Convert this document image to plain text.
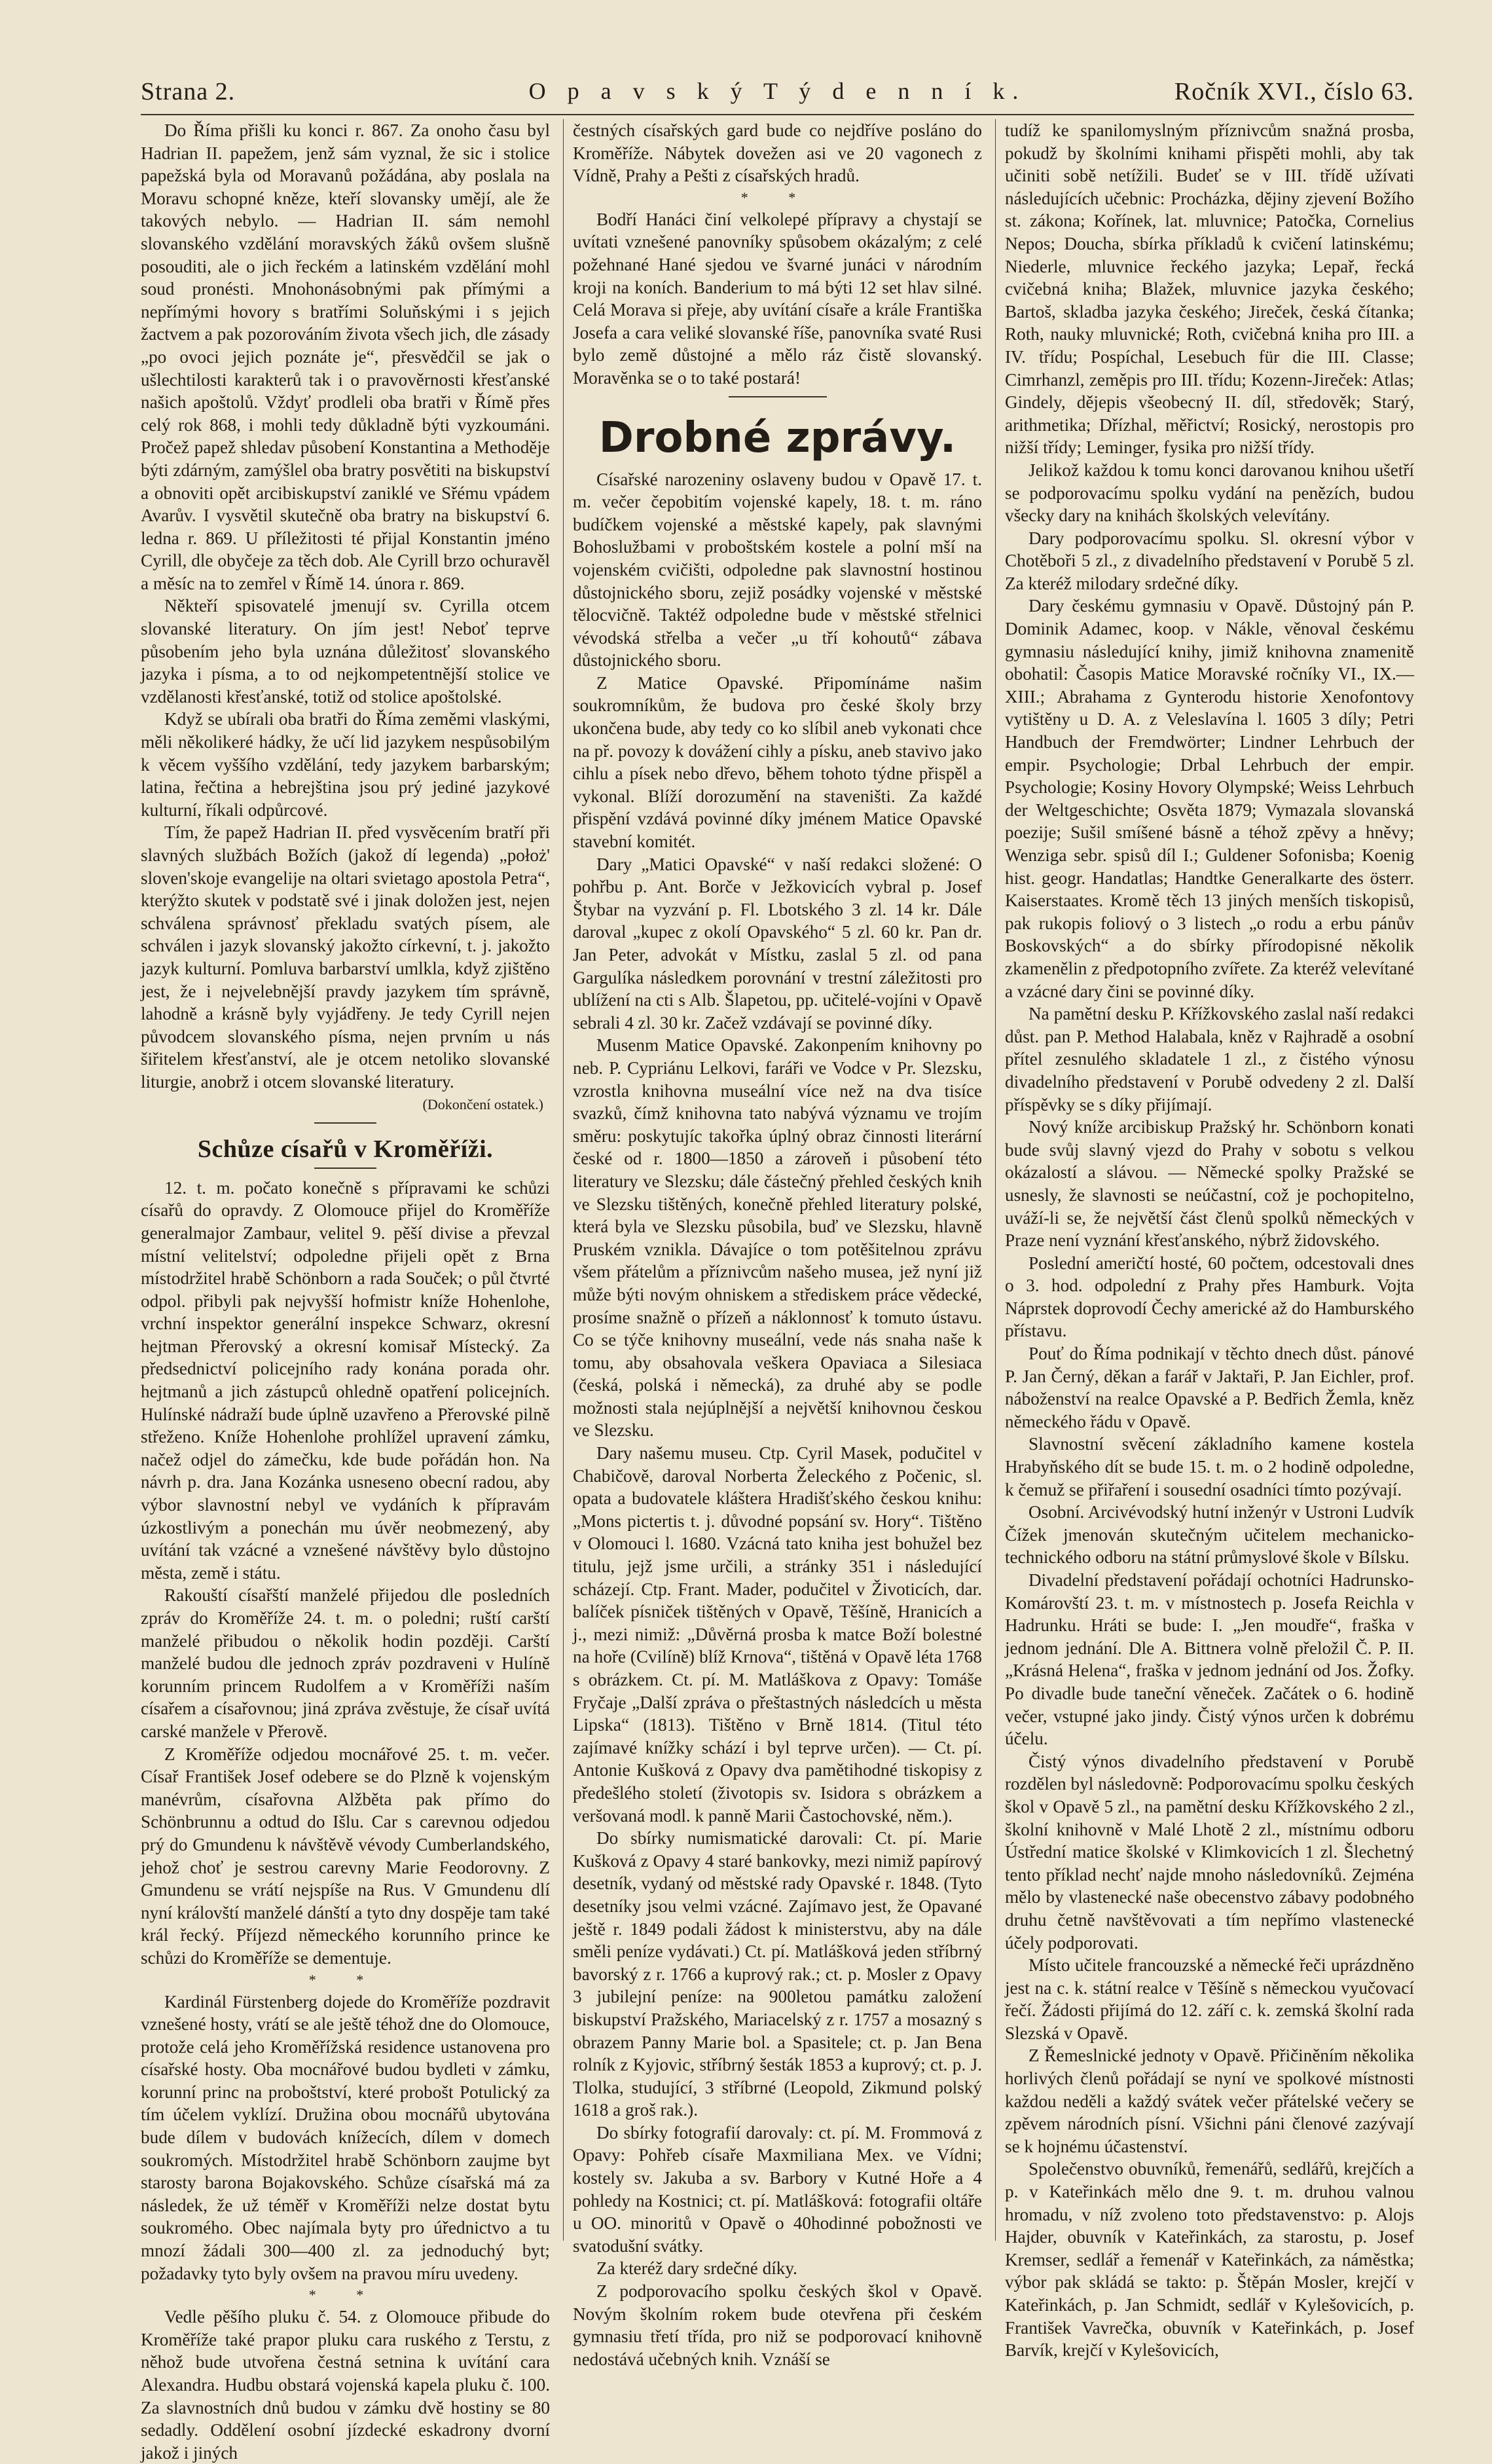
Strana 2.	O p a v s k ý T ý d e n n í k.	Ročník XVI., číslo 63.

Do Říma přišli ku konci r. 867. Za onoho času byl Hadrian II. papežem, jenž sám vyznal, že sic i stolice papežská byla od Moravanů požádána, aby poslala na Moravu schopné kněze, kteří slovansky umějí, ale že takových nebylo. — Hadrian II. sám nemohl slovanského vzdělání moravských žáků ovšem slušně posouditi, ale o jich řeckém a latinském vzdělání mohl soud pronésti. Mnohonásobnými pak přímými a nepřímými hovory s bratřími Soluňskými i s jejich žactvem a pak pozorováním života všech jich, dle zásady „po ovoci jejich poznáte je“, přesvědčil se jak o ušlechtilosti karakterů tak i o pravověrnosti křesťanské našich apoštolů. Vždyť prodleli oba bratři v Římě přes celý rok 868, i mohli tedy důkladně býti vyzkoumáni. Pročež papež shledav působení Konstantina a Methoděje býti zdárným, zamýšlel oba bratry posvětiti na biskupství a obnoviti opět arcibiskupství zaniklé ve Sřému vpádem Avarův. I vysvětil skutečně oba bratry na biskupství 6. ledna r. 869. U příležitosti té přijal Konstantin jméno Cyrill, dle obyčeje za těch dob. Ale Cyrill brzo ochuravěl a měsíc na to zemřel v Římě 14. února r. 869.

Někteří spisovatelé jmenují sv. Cyrilla otcem slovanské literatury. On jím jest! Neboť teprve působením jeho byla uznána důležitosť slovanského jazyka i písma, a to od nejkompetentnější stolice ve vzdělanosti křesťanské, totiž od stolice apoštolské.

Když se ubírali oba bratři do Říma zeměmi vlaskými, měli několikeré hádky, že učí lid jazykem nespůsobilým k věcem vyššího vzdělání, tedy jazykem barbarským; latina, řečtina a hebrejština jsou prý jediné jazykové kulturní, říkali odpůrcové.

Tím, že papež Hadrian II. před vysvěcením bratří při slavných službách Božích (jakož dí legenda) „położ' sloven'skoje evangelije na oltari svietago apostola Petra“, kterýžto skutek v podstatě své i jinak doložen jest, nejen schválena správnosť překladu svatých písem, ale schválen i jazyk slovanský jakožto církevní, t. j. jakožto jazyk kulturní. Pomluva barbarství umlkla, když zjištěno jest, že i nejvelebnější pravdy jazykem tím správně, lahodně a krásně byly vyjádřeny. Je tedy Cyrill nejen původcem slovanského písma, nejen prvním u nás šiřitelem křesťanství, ale je otcem netoliko slovanské liturgie, anobrž i otcem slovanské literatury.

(Dokončení ostatek.)
Schůze císařů v Kroměříži.

12. t. m. počato konečně s přípravami ke schůzi císařů do opravdy. Z Olomouce přijel do Kroměříže generalmajor Zambaur, velitel 9. pěší divise a převzal místní velitelství; odpoledne přijeli opět z Brna místodržitel hrabě Schönborn a rada Souček; o půl čtvrté odpol. přibyli pak nejvyšší hofmistr kníže Hohenlohe, vrchní inspektor generální inspekce Schwarz, okresní hejtman Přerovský a okresní komisař Místecký. Za předsednictví policejního rady konána porada ohr. hejtmanů a jich zástupců ohledně opatření policejních. Hulínské nádraží bude úplně uzavřeno a Přerovské pilně střeženo. Kníže Hohenlohe prohlížel upravení zámku, načež odjel do zámečku, kde bude pořádán hon. Na návrh p. dra. Jana Kozánka usneseno obecní radou, aby výbor slavnostní nebyl ve vydáních k přípravám úzkostlivým a ponechán mu úvěr neobmezený, aby uvítání tak vzácné a vznešené návštěvy bylo důstojno města, země i státu.

Rakouští císařští manželé přijedou dle posledních zpráv do Kroměříže 24. t. m. o poledni; ruští carští manželé přibudou o několik hodin později. Carští manželé budou dle jednoch zpráv pozdraveni v Hulíně korunním princem Rudolfem a v Kroměříži naším císařem a císařovnou; jiná zpráva zvěstuje, že císař uvítá carské manžele v Přerově.

Z Kroměříže odjedou mocnářové 25. t. m. večer. Císař František Josef odebere se do Plzně k vojenským manévrům, císařovna Alžběta pak přímo do Schönbrunnu a odtud do Išlu. Car s carevnou odjedou prý do Gmundenu k návštěvě vévody Cumberlandského, jehož choť je sestrou carevny Marie Feodorovny. Z Gmundenu se vrátí nejspíše na Rus. V Gmundenu dlí nyní královští manželé dánští a tyto dny dospěje tam také král řecký. Příjezd německého korunního prince ke schůzi do Kroměříže se dementuje.

* *

Kardinál Fürstenberg dojede do Kroměříže pozdravit vznešené hosty, vrátí se ale ještě téhož dne do Olomouce, protože celá jeho Kroměřížská residence ustanovena pro císařské hosty. Oba mocnářové budou bydleti v zámku, korunní princ na proboštství, které probošt Potulický za tím účelem vyklízí. Družina obou mocnářů ubytována bude dílem v budovách knížecích, dílem v domech soukromých. Místodržitel hrabě Schönborn zaujme byt starosty barona Bojakovského. Schůze císařská má za následek, že už téměř v Kroměříži nelze dostat bytu soukromého. Obec najímala byty pro úřednictvo a tu mnozí žádali 300—400 zl. za jednoduchý byt; požadavky tyto byly ovšem na pravou míru uvedeny.

* *

Vedle pěšího pluku č. 54. z Olomouce přibude do Kroměříže také prapor pluku cara ruského z Terstu, z něhož bude utvořena čestná setnina k uvítání cara Alexandra. Hudbu obstará vojenská kapela pluku č. 100. Za slavnostních dnů budou v zámku dvě hostiny se 80 sedadly. Oddělení osobní jízdecké eskadrony dvorní jakož i jiných

čestných císařských gard bude co nejdříve posláno do Kroměříže. Nábytek dovežen asi ve 20 vagonech z Vídně, Prahy a Pešti z císařských hradů.

* *

Bodří Hanáci činí velkolepé přípravy a chystají se uvítati vznešené panovníky spůsobem okázalým; z celé požehnané Hané sjedou ve švarné junáci v národním kroji na koních. Banderium to má býti 12 set hlav silné. Celá Morava si přeje, aby uvítání císaře a krále Františka Josefa a cara veliké slovanské říše, panovníka svaté Rusi bylo země důstojné a mělo ráz čistě slovanský. Moravěnka se o to také postará!

Drobné zprávy.

Císařské narozeniny oslaveny budou v Opavě 17. t. m. večer čepobitím vojenské kapely, 18. t. m. ráno budíčkem vojenské a městské kapely, pak slavnými Bohoslužbami v proboštském kostele a polní mší na vojenském cvičišti, odpoledne pak slavnostní hostinou důstojnického sboru, zejiž posádky vojenské v městské tělocvičně. Taktéž odpoledne bude v městské střelnici vévodská střelba a večer „u tří kohoutů“ zábava důstojnického sboru.

Z Matice Opavské. Připomínáme našim soukromníkům, že budova pro české školy brzy ukončena bude, aby tedy co ko slíbil aneb vykonati chce na př. povozy k dovážení cihly a písku, aneb stavivo jako cihlu a písek nebo dřevo, během tohoto týdne přispěl a vykonal. Blíží dorozumění na staveništi. Za každé přispění vzdává povinné díky jménem Matice Opavské stavební komitét.

Dary „Matici Opavské“ v naší redakci složené: O pohřbu p. Ant. Borče v Ježkovicích vybral p. Josef Štybar na vyzvání p. Fl. Lbotského 3 zl. 14 kr. Dále daroval „kupec z okolí Opavského“ 5 zl. 60 kr. Pan dr. Jan Peter, advokát v Místku, zaslal 5 zl. od pana Gargulíka následkem porovnání v trestní záležitosti pro ublížení na cti s Alb. Šlapetou, pp. učitelé-vojíni v Opavě sebrali 4 zl. 30 kr. Začež vzdávají se povinné díky.

Musenm Matice Opavské. Zakonpením knihovny po neb. P. Cypriánu Lelkovi, faráři ve Vodce v Pr. Slezsku, vzrostla knihovna museální více než na dva tisíce svazků, čímž knihovna tato nabývá významu ve trojím směru: poskytujíc takořka úplný obraz činnosti literární české od r. 1800—1850 a zároveň i působení této literatury ve Slezsku; dále částečný přehled českých knih ve Slezsku tištěných, konečně přehled literatury polské, která byla ve Slezsku působila, buď ve Slezsku, hlavně Pruském vznikla. Dávajíce o tom potěšitelnou zprávu všem přátelům a příznivcům našeho musea, jež nyní již může býti novým ohniskem a střediskem práce vědecké, prosíme snažně o přízeň a náklonnosť k tomuto ústavu. Co se týče knihovny museální, vede nás snaha naše k tomu, aby obsahovala veškera Opaviaca a Silesiaca (česká, polská i německá), za druhé aby se podle možnosti stala nejúplnější a největší knihovnou českou ve Slezsku.

Dary našemu museu. Ctp. Cyril Masek, podučitel v Chabičově, daroval Norberta Želeckého z Počenic, sl. opata a budovatele kláštera Hradišťského českou knihu: „Mons pictertis t. j. důvodné popsání sv. Hory“. Tištěno v Olomouci l. 1680. Vzácná tato kniha jest bohužel bez titulu, jejž jsme určili, a stránky 351 i následující scházejí. Ctp. Frant. Mader, podučitel v Životicích, dar. balíček písniček tištěných v Opavě, Těšíně, Hranicích a j., mezi nimiž: „Důvěrná prosba k matce Boží bolestné na hoře (Cvilíně) blíž Krnova“, tištěná v Opavě léta 1768 s obrázkem. Ct. pí. M. Matláškova z Opavy: Tomáše Fryčaje „Další zpráva o přeštastných následcích u města Lipska“ (1813). Tištěno v Brně 1814. (Titul této zajímavé knížky schází i byl teprve určen). — Ct. pí. Antonie Kušková z Opavy dva pamětihodné tiskopisy z předešlého století (životopis sv. Isidora s obrázkem a veršovaná modl. k panně Marii Častochovské, něm.).

Do sbírky numismatické darovali: Ct. pí. Marie Kušková z Opavy 4 staré bankovky, mezi nimiž papírový desetník, vydaný od městské rady Opavské r. 1848. (Tyto desetníky jsou velmi vzácné. Zajímavo jest, že Opavané ještě r. 1849 podali žádost k ministerstvu, aby na dále směli peníze vydávati.) Ct. pí. Matlášková jeden stříbrný bavorský z r. 1766 a kuprový rak.; ct. p. Mosler z Opavy 3 jubilejní peníze: na 900letou památku založení biskupství Pražského, Mariacelský z r. 1757 a mosazný s obrazem Panny Marie bol. a Spasitele; ct. p. Jan Bena rolník z Kyjovic, stříbrný šesták 1853 a kuprový; ct. p. J. Tlolka, studující, 3 stříbrné (Leopold, Zikmund polský 1618 a groš rak.).

Do sbírky fotografií darovaly: ct. pí. M. Frommová z Opavy: Pohřeb císaře Maxmiliana Mex. ve Vídni; kostely sv. Jakuba a sv. Barbory v Kutné Hoře a 4 pohledy na Kostnici; ct. pí. Matlášková: fotografii oltáře u OO. minoritů v Opavě o 40hodinné pobožnosti ve svatodušní svátky.

Za kteréž dary srdečné díky.

Z podporovacího spolku českých škol v Opavě. Novým školním rokem bude otevřena při českém gymnasiu třetí třída, pro niž se podporovací knihovně nedostává učebných knih. Vznáší se

tudíž ke spanilomyslným příznivcům snažná prosba, pokudž by školními knihami přispěti mohli, aby tak učiniti sobě netížili. Budeť se v III. třídě užívati následujících učebnic: Procházka, dějiny zjevení Božího st. zákona; Kořínek, lat. mluvnice; Patočka, Cornelius Nepos; Doucha, sbírka příkladů k cvičení latinskému; Niederle, mluvnice řeckého jazyka; Lepař, řecká cvičebná kniha; Blažek, mluvnice jazyka českého; Bartoš, skladba jazyka českého; Jireček, česká čítanka; Roth, nauky mluvnické; Roth, cvičebná kniha pro III. a IV. třídu; Pospíchal, Lesebuch für die III. Classe; Cimrhanzl, zeměpis pro III. třídu; Kozenn-Jireček: Atlas; Gindely, dějepis všeobecný II. díl, středověk; Starý, arithmetika; Dřízhal, měřictví; Rosický, nerostopis pro nižší třídy; Leminger, fysika pro nižší třídy.

Jelikož každou k tomu konci darovanou knihou ušetří se podporovacímu spolku vydání na penězích, budou všecky dary na knihách školských velevítány.

Dary podporovacímu spolku. Sl. okresní výbor v Chotěboři 5 zl., z divadelního představení v Porubě 5 zl. Za kteréž milodary srdečné díky.

Dary českému gymnasiu v Opavě. Důstojný pán P. Dominik Adamec, koop. v Nákle, věnoval českému gymnasiu následující knihy, jimiž knihovna znamenitě obohatil: Časopis Matice Moravské ročníky VI., IX.—XIII.; Abrahama z Gynterodu historie Xenofontovy vytištěny u D. A. z Veleslavína l. 1605 3 díly; Petri Handbuch der Fremdwörter; Lindner Lehrbuch der empir. Psychologie; Drbal Lehrbuch der empir. Psychologie; Kosiny Hovory Olympské; Weiss Lehrbuch der Weltgeschichte; Osvěta 1879; Vymazala slovanská poezije; Sušil smíšené básně a téhož zpěvy a hněvy; Wenziga sebr. spisů díl I.; Guldener Sofonisba; Koenig hist. geogr. Handatlas; Handtke Generalkarte des österr. Kaiserstaates. Kromě těch 13 jiných menších tiskopisů, pak rukopis foliový o 3 listech „o rodu a erbu pánův Boskovských“ a do sbírky přírodopisné několik zkamenělin z předpotopního zvířete. Za kteréž velevítané a vzácné dary čini se povinné díky.

Na pamětní desku P. Křížkovského zaslal naší redakci důst. pan P. Method Halabala, kněz v Rajhradě a osobní přítel zesnulého skladatele 1 zl., z čistého výnosu divadelního představení v Porubě odvedeny 2 zl. Další příspěvky se s díky přijímají.

Nový kníže arcibiskup Pražský hr. Schönborn konati bude svůj slavný vjezd do Prahy v sobotu s velkou okázalostí a slávou. — Německé spolky Pražské se usnesly, že slavnosti se neúčastní, což je pochopitelno, uváží-li se, že největší část členů spolků německých v Praze není vyznání křesťanského, nýbrž židovského.

Poslední američtí hosté, 60 počtem, odcestovali dnes o 3. hod. odpolední z Prahy přes Hamburk. Vojta Náprstek doprovodí Čechy americké až do Hamburského přístavu.

Pouť do Říma podnikají v těchto dnech důst. pánové P. Jan Černý, děkan a farář v Jaktaři, P. Jan Eichler, prof. náboženství na realce Opavské a P. Bedřich Žemla, kněz německého řádu v Opavě.

Slavnostní svěcení základního kamene kostela Hrabyňského dít se bude 15. t. m. o 2 hodině odpoledne, k čemuž se přiřaření i sousední osadníci tímto pozývají.

Osobní. Arcivévodský hutní inženýr v Ustroni Ludvík Čížek jmenován skutečným učitelem mechanicko-technického odboru na státní průmyslové škole v Bílsku.

Divadelní představení pořádají ochotníci Hadrunsko-Komárovští 23. t. m. v místnostech p. Josefa Reichla v Hadrunku. Hráti se bude: I. „Jen moudře“, fraška v jednom jednání. Dle A. Bittnera volně přeložil Č. P. II. „Krásná Helena“, fraška v jednom jednání od Jos. Žofky. Po divadle bude taneční věneček. Začátek o 6. hodině večer, vstupné jako jindy. Čistý výnos určen k dobrému účelu.

Čistý výnos divadelního představení v Porubě rozdělen byl následovně: Podporovacímu spolku českých škol v Opavě 5 zl., na pamětní desku Křížkovského 2 zl., školní knihovně v Malé Lhotě 2 zl., místnímu odboru Ústřední matice školské v Klimkovicích 1 zl. Šlechetný tento příklad nechť najde mnoho následovníků. Zejména mělo by vlastenecké naše obecenstvo zábavy podobného druhu četně navštěvovati a tím nepřímo vlastenecké účely podporovati.

Místo učitele francouzské a německé řeči uprázdněno jest na c. k. státní realce v Těšíně s německou vyučovací řečí. Žádosti přijímá do 12. září c. k. zemská školní rada Slezská v Opavě.

Z Řemeslnické jednoty v Opavě. Přičiněním několika horlivých členů pořádají se nyní ve spolkové místnosti každou neděli a každý svátek večer přátelské večery se zpěvem národních písní. Všichni páni členové zazývají se k hojnému účastenství.

Společenstvo obuvníků, řemenářů, sedlářů, krejčích a p. v Kateřinkách mělo dne 9. t. m. druhou valnou hromadu, v níž zvoleno toto představenstvo: p. Alojs Hajder, obuvník v Kateřinkách, za starostu, p. Josef Kremser, sedlář a řemenář v Kateřinkách, za náměstka; výbor pak skládá se takto: p. Štěpán Mosler, krejčí v Kateřinkách, p. Jan Schmidt, sedlář v Kylešovicích, p. František Vavrečka, obuvník v Kateřinkách, p. Josef Barvík, krejčí v Kylešovicích,
